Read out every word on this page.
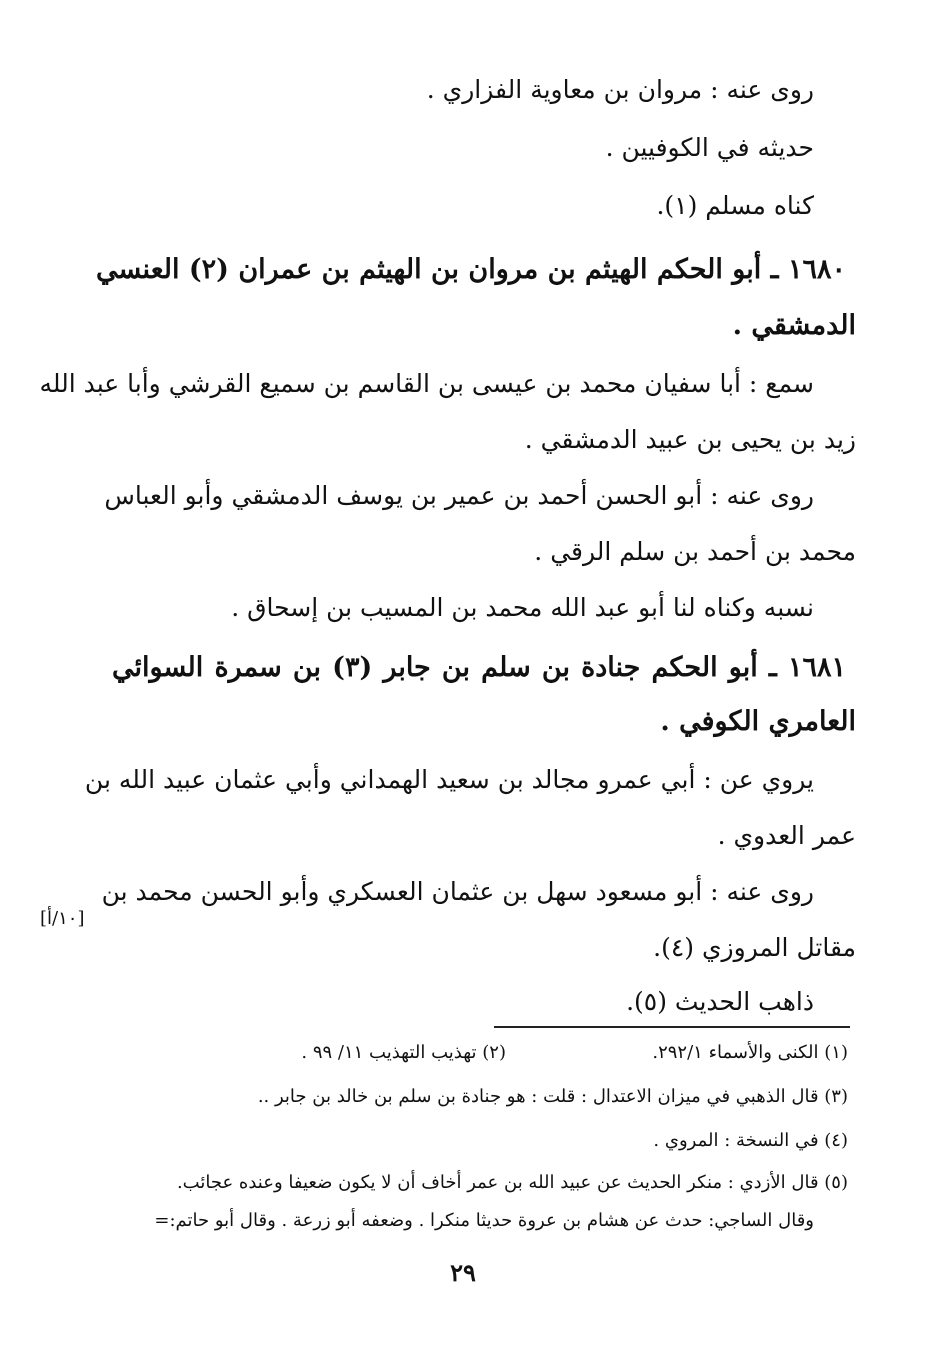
روى عنه : مروان بن معاوية الفزاري .
حديثه في الكوفيين .
كناه مسلم (١).
١٦٨٠ ـ أبو الحكم الهيثم بن مروان بن الهيثم بن عمران (٢) العنسي
الدمشقي .
سمع : أبا سفيان محمد بن عيسى بن القاسم بن سميع القرشي وأبا عبد الله
زيد بن يحيى بن عبيد الدمشقي .
روى عنه : أبو الحسن أحمد بن عمير بن يوسف الدمشقي وأبو العباس
محمد بن أحمد بن سلم الرقي .
نسبه وكناه لنا أبو عبد الله محمد بن المسيب بن إسحاق .
١٦٨١ ـ أبو الحكم جنادة بن سلم بن جابر (٣) بن سمرة السوائي
العامري الكوفي .
يروي عن : أبي عمرو مجالد بن سعيد الهمداني وأبي عثمان عبيد الله بن
عمر العدوي .
روى عنه : أبو مسعود سهل بن عثمان العسكري وأبو الحسن محمد بن
مقاتل المروزي (٤).
ذاهب الحديث (٥).
[١٠/أ]
(١) الكنى والأسماء ٢٩٢/١.
(٢) تهذيب التهذيب ١١/ ٩٩ .
(٣) قال الذهبي في ميزان الاعتدال : قلت : هو جنادة بن سلم بن خالد بن جابر ..
(٤) في النسخة : المروي .
(٥) قال الأزدي : منكر الحديث عن عبيد الله بن عمر أخاف أن لا يكون ضعيفا وعنده عجائب.
وقال الساجي: حدث عن هشام بن عروة حديثا منكرا . وضعفه أبو زرعة . وقال أبو حاتم:=
٢٩
